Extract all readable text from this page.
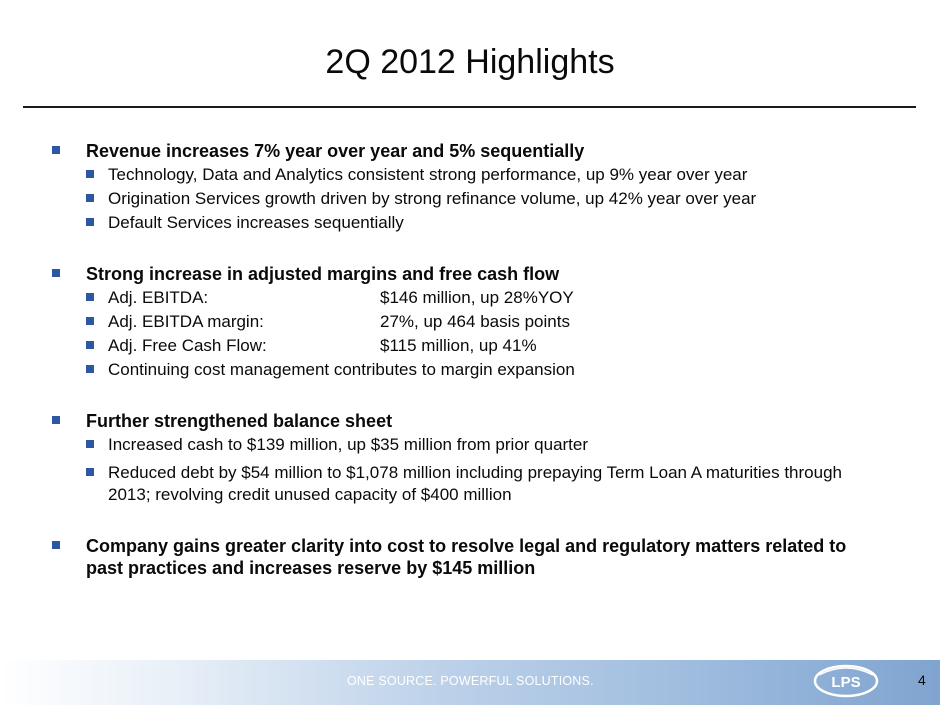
2Q 2012 Highlights

Revenue increases 7% year over year and 5% sequentially

Technology, Data and Analytics consistent strong performance, up 9% year over year

Origination Services growth driven by strong refinance volume, up 42% year over year

Default Services increases sequentially

Strong increase in adjusted margins and free cash flow

Adj. EBITDA:	$146 million, up 28%YOY

Adj. EBITDA margin:	27%, up 464 basis points

Adj. Free Cash Flow:	$115 million, up 41%

Continuing cost management contributes to margin expansion

Further strengthened balance sheet

Increased cash to $139 million, up $35 million from prior quarter

Reduced debt by $54 million to $1,078 million including prepaying Term Loan A maturities through 2013; revolving credit unused capacity of $400 million

Company gains greater clarity into cost to resolve legal and regulatory matters related to past practices and increases reserve by $145 million

ONE SOURCE. POWERFUL SOLUTIONS.	LPS	4
